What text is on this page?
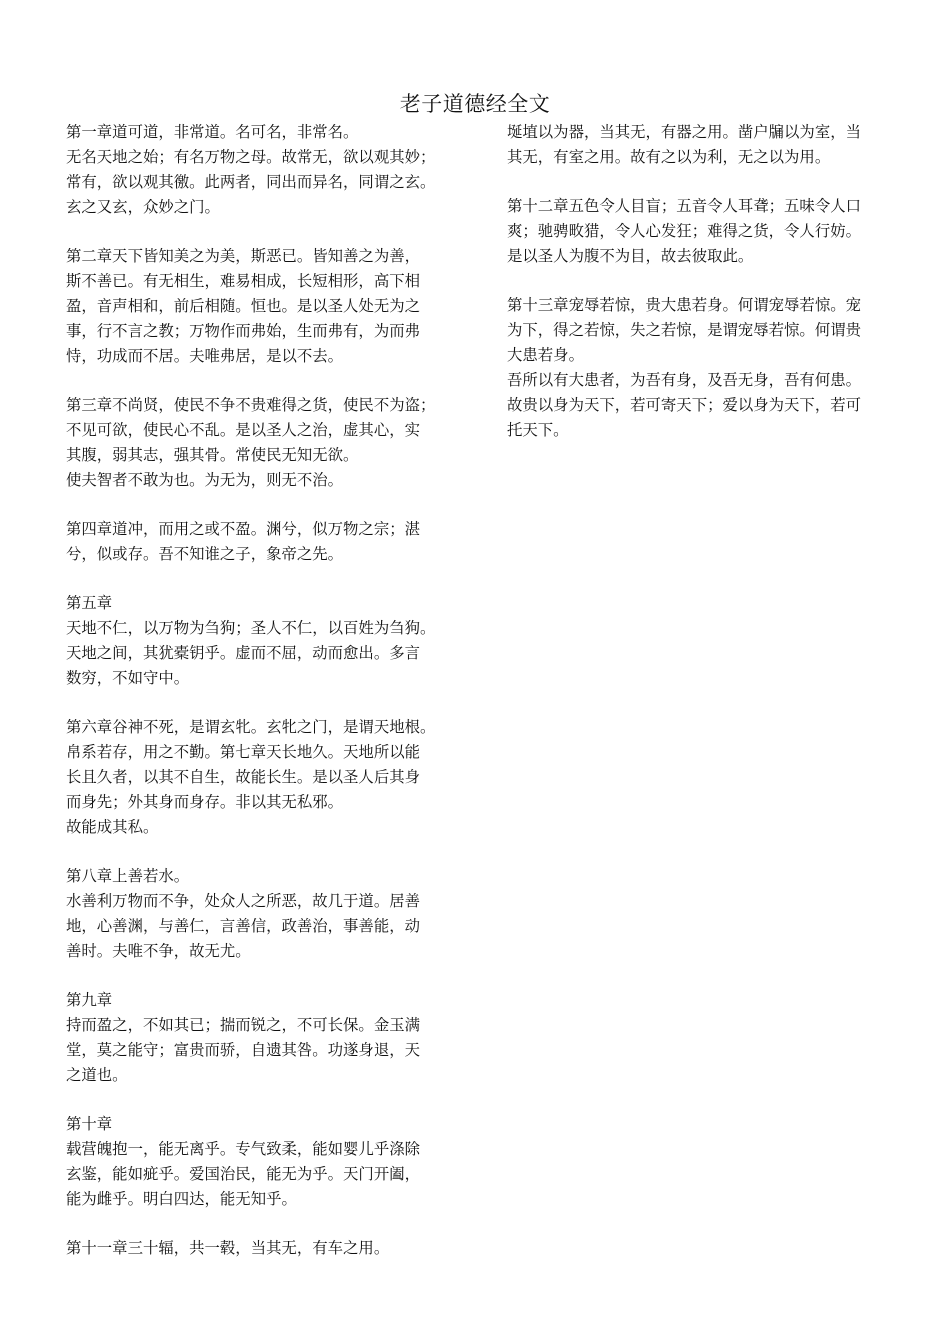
老子道德经全文
第一章道可道，非常道。名可名，非常名。
无名天地之始；有名万物之母。故常无，欲以观其妙；
常有，欲以观其徼。此两者，同出而异名，同谓之玄。
玄之又玄，众妙之门。
第二章天下皆知美之为美，斯恶已。皆知善之为善，
斯不善已。有无相生，难易相成，长短相形，高下相
盈，音声相和，前后相随。恒也。是以圣人处无为之
事，行不言之教；万物作而弗始，生而弗有，为而弗
恃，功成而不居。夫唯弗居，是以不去。
第三章不尚贤，使民不争不贵难得之货，使民不为盗；
不见可欲，使民心不乱。是以圣人之治，虚其心，实
其腹，弱其志，强其骨。常使民无知无欲。
使夫智者不敢为也。为无为，则无不治。
第四章道冲，而用之或不盈。渊兮，似万物之宗；湛
兮，似或存。吾不知谁之子，象帝之先。
第五章
天地不仁，以万物为刍狗；圣人不仁，以百姓为刍狗。
天地之间，其犹橐钥乎。虚而不屈，动而愈出。多言
数穷，不如守中。
第六章谷神不死，是谓玄牝。玄牝之门，是谓天地根。
帛系若存，用之不勤。第七章天长地久。天地所以能
长且久者，以其不自生，故能长生。是以圣人后其身
而身先；外其身而身存。非以其无私邪。
故能成其私。
第八章上善若水。
水善利万物而不争，处众人之所恶，故几于道。居善
地，心善渊，与善仁，言善信，政善治，事善能，动
善时。夫唯不争，故无尤。
第九章
持而盈之，不如其已；揣而锐之，不可长保。金玉满
堂，莫之能守；富贵而骄，自遗其咎。功遂身退，天
之道也。
第十章
载营魄抱一，能无离乎。专气致柔，能如婴儿乎涤除
玄鉴，能如疵乎。爱国治民，能无为乎。天门开阖，
能为雌乎。明白四达，能无知乎。
第十一章三十辐，共一毂，当其无，有车之用。
埏埴以为器，当其无，有器之用。凿户牖以为室，当
其无，有室之用。故有之以为利，无之以为用。
第十二章五色令人目盲；五音令人耳聋；五味令人口
爽；驰骋畋猎，令人心发狂；难得之货，令人行妨。
是以圣人为腹不为目，故去彼取此。
第十三章宠辱若惊，贵大患若身。何谓宠辱若惊。宠
为下，得之若惊，失之若惊，是谓宠辱若惊。何谓贵
大患若身。
吾所以有大患者，为吾有身，及吾无身，吾有何患。
故贵以身为天下，若可寄天下；爱以身为天下，若可
托天下。
